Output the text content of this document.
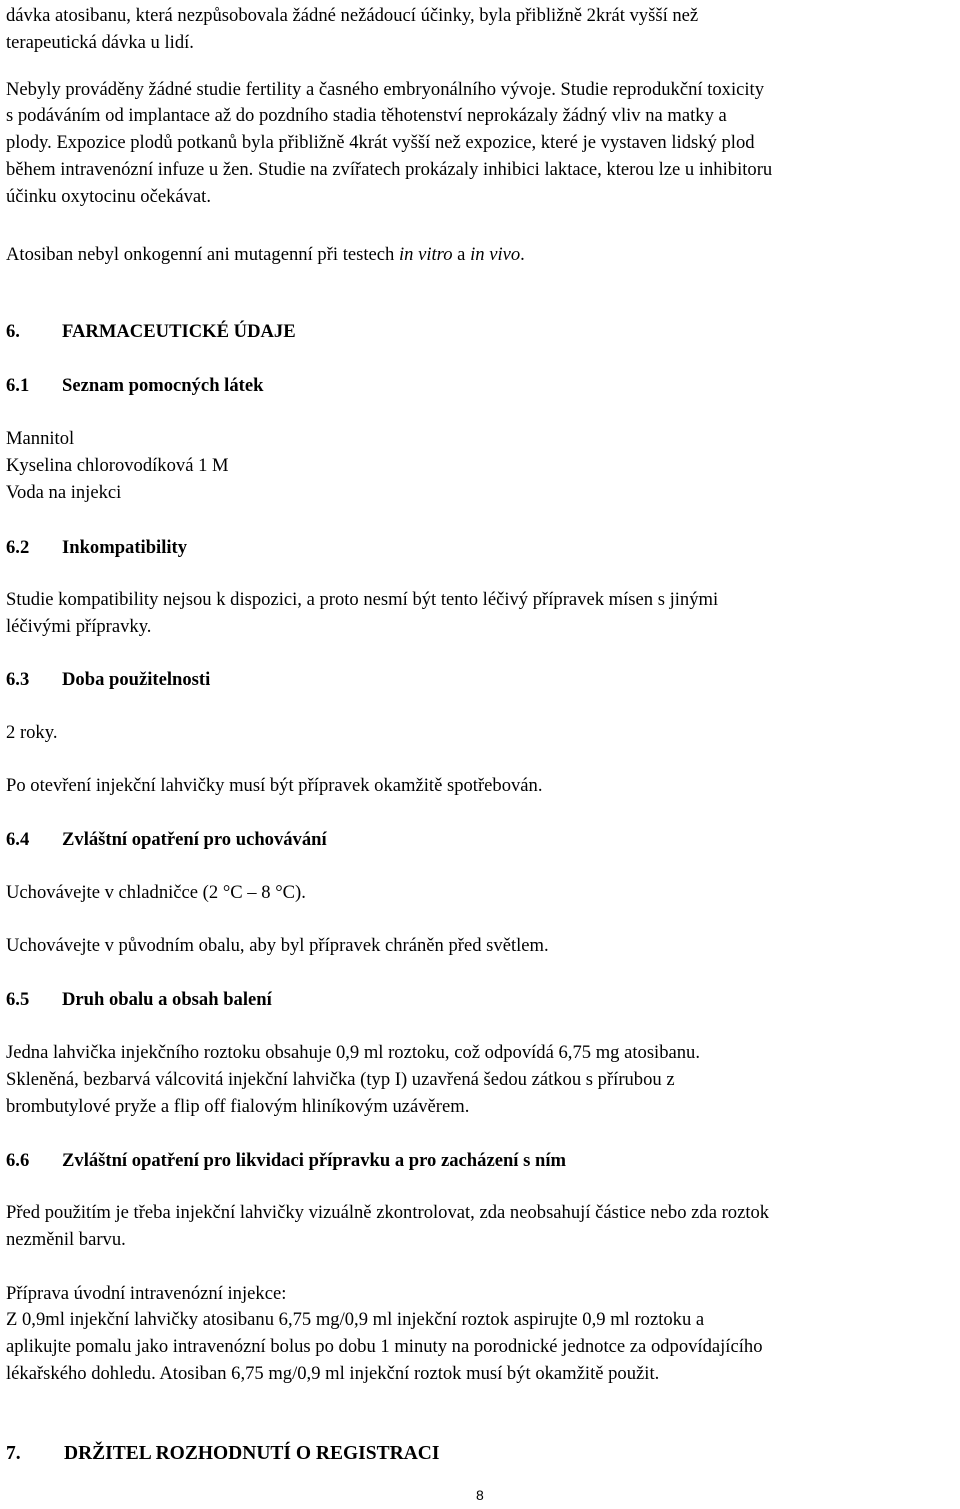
dávka atosibanu, která nezpůsobovala žádné nežádoucí účinky, byla přibližně 2krát vyšší než
terapeutická dávka u lidí.
Nebyly prováděny žádné studie fertility a časného embryonálního vývoje. Studie reprodukční toxicity
s podáváním od implantace až do pozdního stadia těhotenství neprokázaly žádný vliv na matky a
plody. Expozice plodů potkanů byla přibližně 4krát vyšší než expozice, které je vystaven lidský plod
během intravenózní infuze u žen. Studie na zvířatech prokázaly inhibici laktace, kterou lze u inhibitoru
účinku oxytocinu očekávat.
Atosiban nebyl onkogenní ani mutagenní při testech in vitro a in vivo.
6. FARMACEUTICKÉ ÚDAJE
6.1 Seznam pomocných látek
Mannitol
Kyselina chlorovodíková 1 M
Voda na injekci
6.2 Inkompatibility
Studie kompatibility nejsou k dispozici, a proto nesmí být tento léčivý přípravek mísen s jinými
léčivými přípravky.
6.3 Doba použitelnosti
2 roky.
Po otevření injekční lahvičky musí být přípravek okamžitě spotřebován.
6.4 Zvláštní opatření pro uchovávání
Uchovávejte v chladničce (2 °C – 8 °C).
Uchovávejte v původním obalu, aby byl přípravek chráněn před světlem.
6.5 Druh obalu a obsah balení
Jedna lahvička injekčního roztoku obsahuje 0,9 ml roztoku, což odpovídá 6,75 mg atosibanu.
Skleněná, bezbarvá válcovitá injekční lahvička (typ I) uzavřená šedou zátkou s přírubou z
brombutylové pryže a flip off fialovým hliníkovým uzávěrem.
6.6 Zvláštní opatření pro likvidaci přípravku a pro zacházení s ním
Před použitím je třeba injekční lahvičky vizuálně zkontrolovat, zda neobsahují částice nebo zda roztok
nezměnil barvu.
Příprava úvodní intravenózní injekce:
Z 0,9ml injekční lahvičky atosibanu 6,75 mg/0,9 ml injekční roztok aspirujte 0,9 ml roztoku a
aplikujte pomalu jako intravenózní bolus po dobu 1 minuty na porodnické jednotce za odpovídajícího
lékařského dohledu. Atosiban 6,75 mg/0,9 ml injekční roztok musí být okamžitě použit.
7. DRŽITEL ROZHODNUTÍ O REGISTRACI
8
